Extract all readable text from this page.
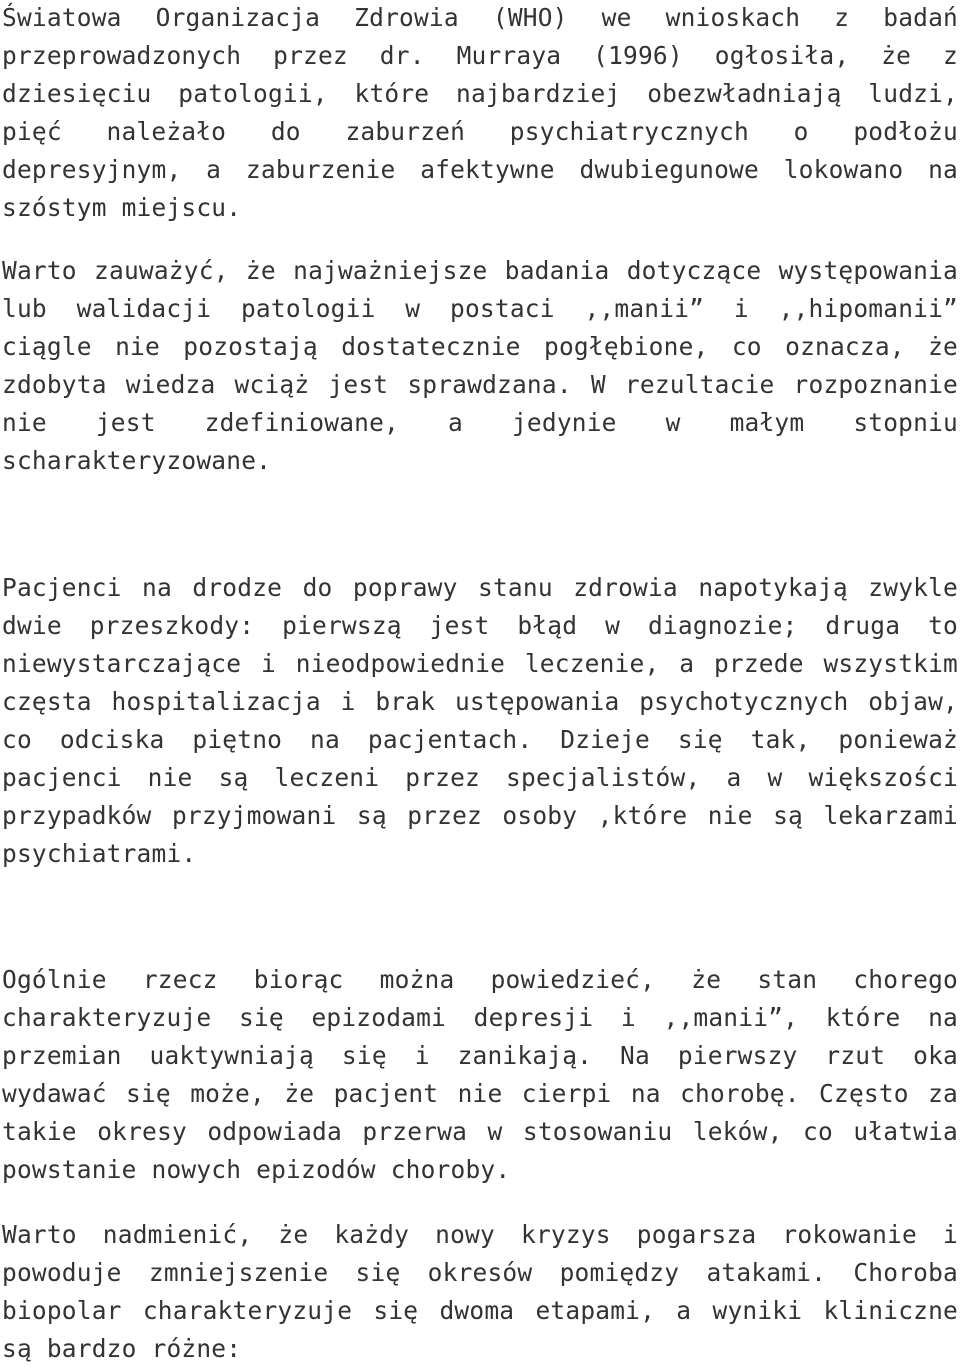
Światowa Organizacja Zdrowia (WHO) we wnioskach z badań przeprowadzonych przez dr. Murraya (1996) ogłosiła, że z dziesięciu patologii, które najbardziej obezwładniają ludzi, pięć należało do zaburzeń psychiatrycznych o podłożu depresyjnym, a zaburzenie afektywne dwubiegunowe lokowano na szóstym miejscu.

Warto zauważyć, że najważniejsze badania dotyczące występowania lub walidacji patologii w postaci ,,manii” i ,,hipomanii” ciągle nie pozostają dostatecznie pogłębione, co oznacza, że zdobyta wiedza wciąż jest sprawdzana. W rezultacie rozpoznanie nie jest zdefiniowane, a jedynie w małym stopniu scharakteryzowane.

Pacjenci na drodze do poprawy stanu zdrowia napotykają zwykle dwie przeszkody: pierwszą jest błąd w diagnozie; druga to niewystarczające i nieodpowiednie leczenie, a przede wszystkim częsta hospitalizacja i brak ustępowania psychotycznych objaw, co odciska piętno na pacjentach. Dzieje się tak, ponieważ pacjenci nie są leczeni przez specjalistów, a w większości przypadków przyjmowani są przez osoby ,które nie są lekarzami psychiatrami.

Ogólnie rzecz biorąc można powiedzieć, że stan chorego charakteryzuje się epizodami depresji i ,,manii”, które na przemian uaktywniają się i zanikają. Na pierwszy rzut oka wydawać się może, że pacjent nie cierpi na chorobę. Często za takie okresy odpowiada przerwa w stosowaniu leków, co ułatwia powstanie nowych epizodów choroby.

Warto nadmienić, że każdy nowy kryzys pogarsza rokowanie i powoduje zmniejszenie się okresów pomiędzy atakami. Choroba biopolar charakteryzuje się dwoma etapami, a wyniki kliniczne są bardzo różne:
